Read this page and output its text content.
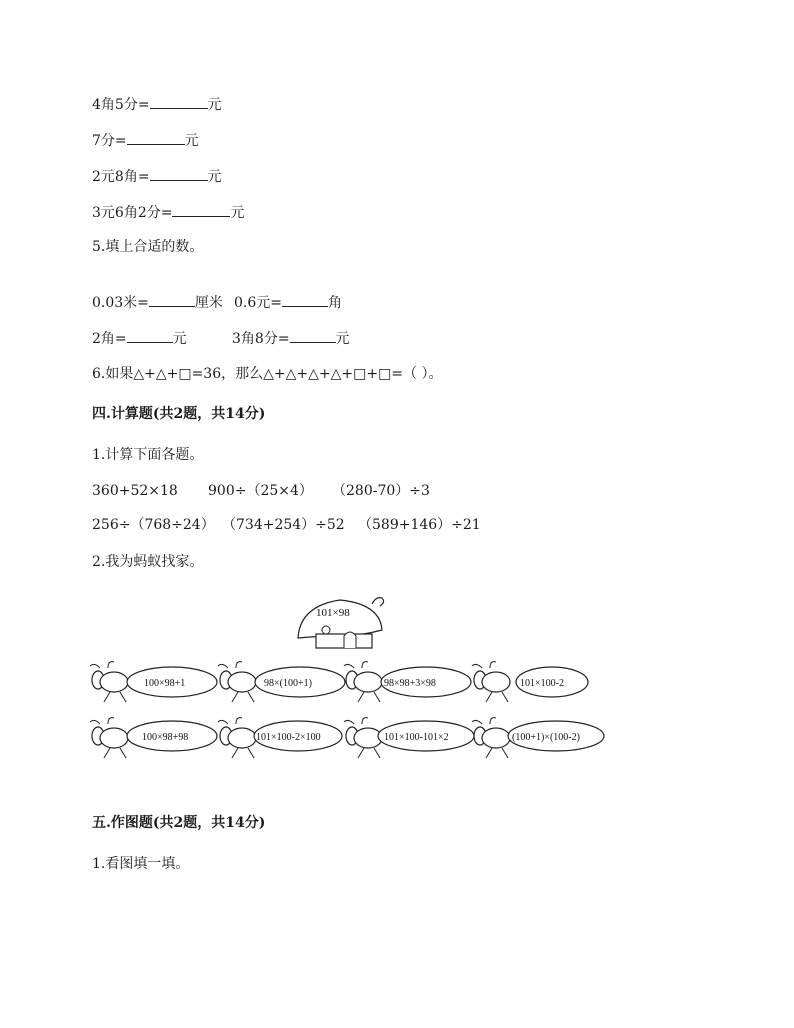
4角5分=	元
7分=	元
2元8角=	元
3元6角2分=	元
5.填上合适的数。
0.03米=	厘米 0.6元=	角
2角=	元	3角8分=	元
6.如果△+△+□=36，那么△+△+△+△+□+□=（ ）。
四.计算题(共2题，共14分)
1.计算下面各题。
360+52×18 900÷（25×4） （280-70）÷3
256÷（768÷24） （734+254）÷52 （589+146）÷21
2.我为蚂蚁找家。
101×98
100×98+1	98×(100+1)	98×98+3×98	101×100-2
100×98+98	101×100-2×100	101×100-101×2	(100+1)×(100-2)
五.作图题(共2题，共14分)
1.看图填一填。
